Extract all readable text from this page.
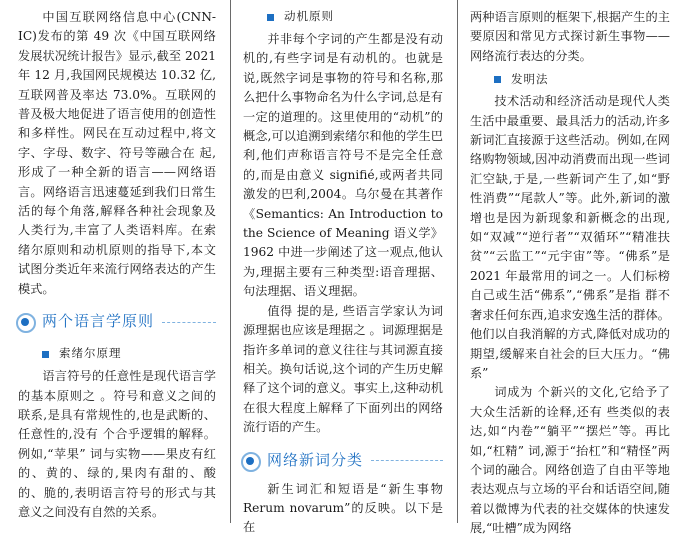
中国互联网络信息中心(CNN-IC)发布的第 49 次《中国互联网络发展状况统计报告》显示,截至 2021 年 12 月,我国网民规模达 10.32 亿,互联网普及率达 73.0%。互联网的普及极大地促进了语言使用的创造性和多样性。网民在互动过程中,将文字、字母、数字、符号等融合在 起,形成了一种全新的语言——网络语言。网络语言迅速蔓延到我们日常生活的每个角落,解释各种社会现象及人类行为,丰富了人类语料库。在索绪尔原则和动机原则的指导下,本文试图分类近年来流行网络表达的产生模式。

两个语言学原则
索绪尔原理

语言符号的任意性是现代语言学的基本原则之 。符号和意义之间的联系,是具有常规性的,也是武断的、任意性的,没有 个合乎逻辑的解释。例如,“苹果” 词与实物——果皮有红的、黄的、绿的,果肉有甜的、酸的、脆的,表明语言符号的形式与其意义之间没有自然的关系。

动机原则

并非每个字词的产生都是没有动机的,有些字词是有动机的。也就是说,既然字词是事物的符号和名称,那么把什么事物命名为什么字词,总是有一定的道理的。这里使用的“动机”的概念,可以追溯到索绪尔和他的学生巴利,他们声称语言符号不是完全任意的,而是由意义 signifié,或两者共同激发的巴利,2004。乌尔曼在其著作《Semantics: An Introduction to the Science of Meaning 语义学》1962 中进一步阐述了这一观点,他认为,理据主要有三种类型:语音理据、句法理据、语义理据。

值得 提的是, 些语言学家认为词源理据也应该是理据之 。词源理据是指许多单词的意义往往与其词源直接相关。换句话说,这个词的产生历史解释了这个词的意义。事实上,这种动机在很大程度上解释了下面列出的网络流行语的产生。

网络新词分类

新生词汇和短语是“新生事物 Rerum novarum”的反映。以下是在

两种语言原则的框架下,根据产生的主要原因和常见方式探讨新生事物——网络流行表达的分类。

发明法

技术活动和经济活动是现代人类生活中最重要、最具活力的活动,许多新词汇直接源于这些活动。例如,在网络购物领域,因冲动消费而出现一些词汇空缺,于是,一些新词产生了,如“野性消费”“尾款人”等。此外,新词的激增也是因为新现象和新概念的出现,如“双减”“逆行者”“双循环”“精准扶贫”“云监工”“元宇宙”等。“佛系”是 2021 年最常用的词之一。人们标榜自己或生活“佛系”,“佛系”是指 群不奢求任何东西,追求安逸生活的群体。他们以自我消解的方式,降低对成功的期望,缓解来自社会的巨大压力。“佛系”

词成为 个新兴的文化,它给予了大众生活新的诠释,还有 些类似的表达,如“内卷”“躺平”“摆烂”等。再比如,“杠精” 词,源于“抬杠”和“精怪”两个词的融合。网络创造了自由平等地表达观点与立场的平台和话语空间,随着以微博为代表的社交媒体的快速发展,“吐槽”成为网络
